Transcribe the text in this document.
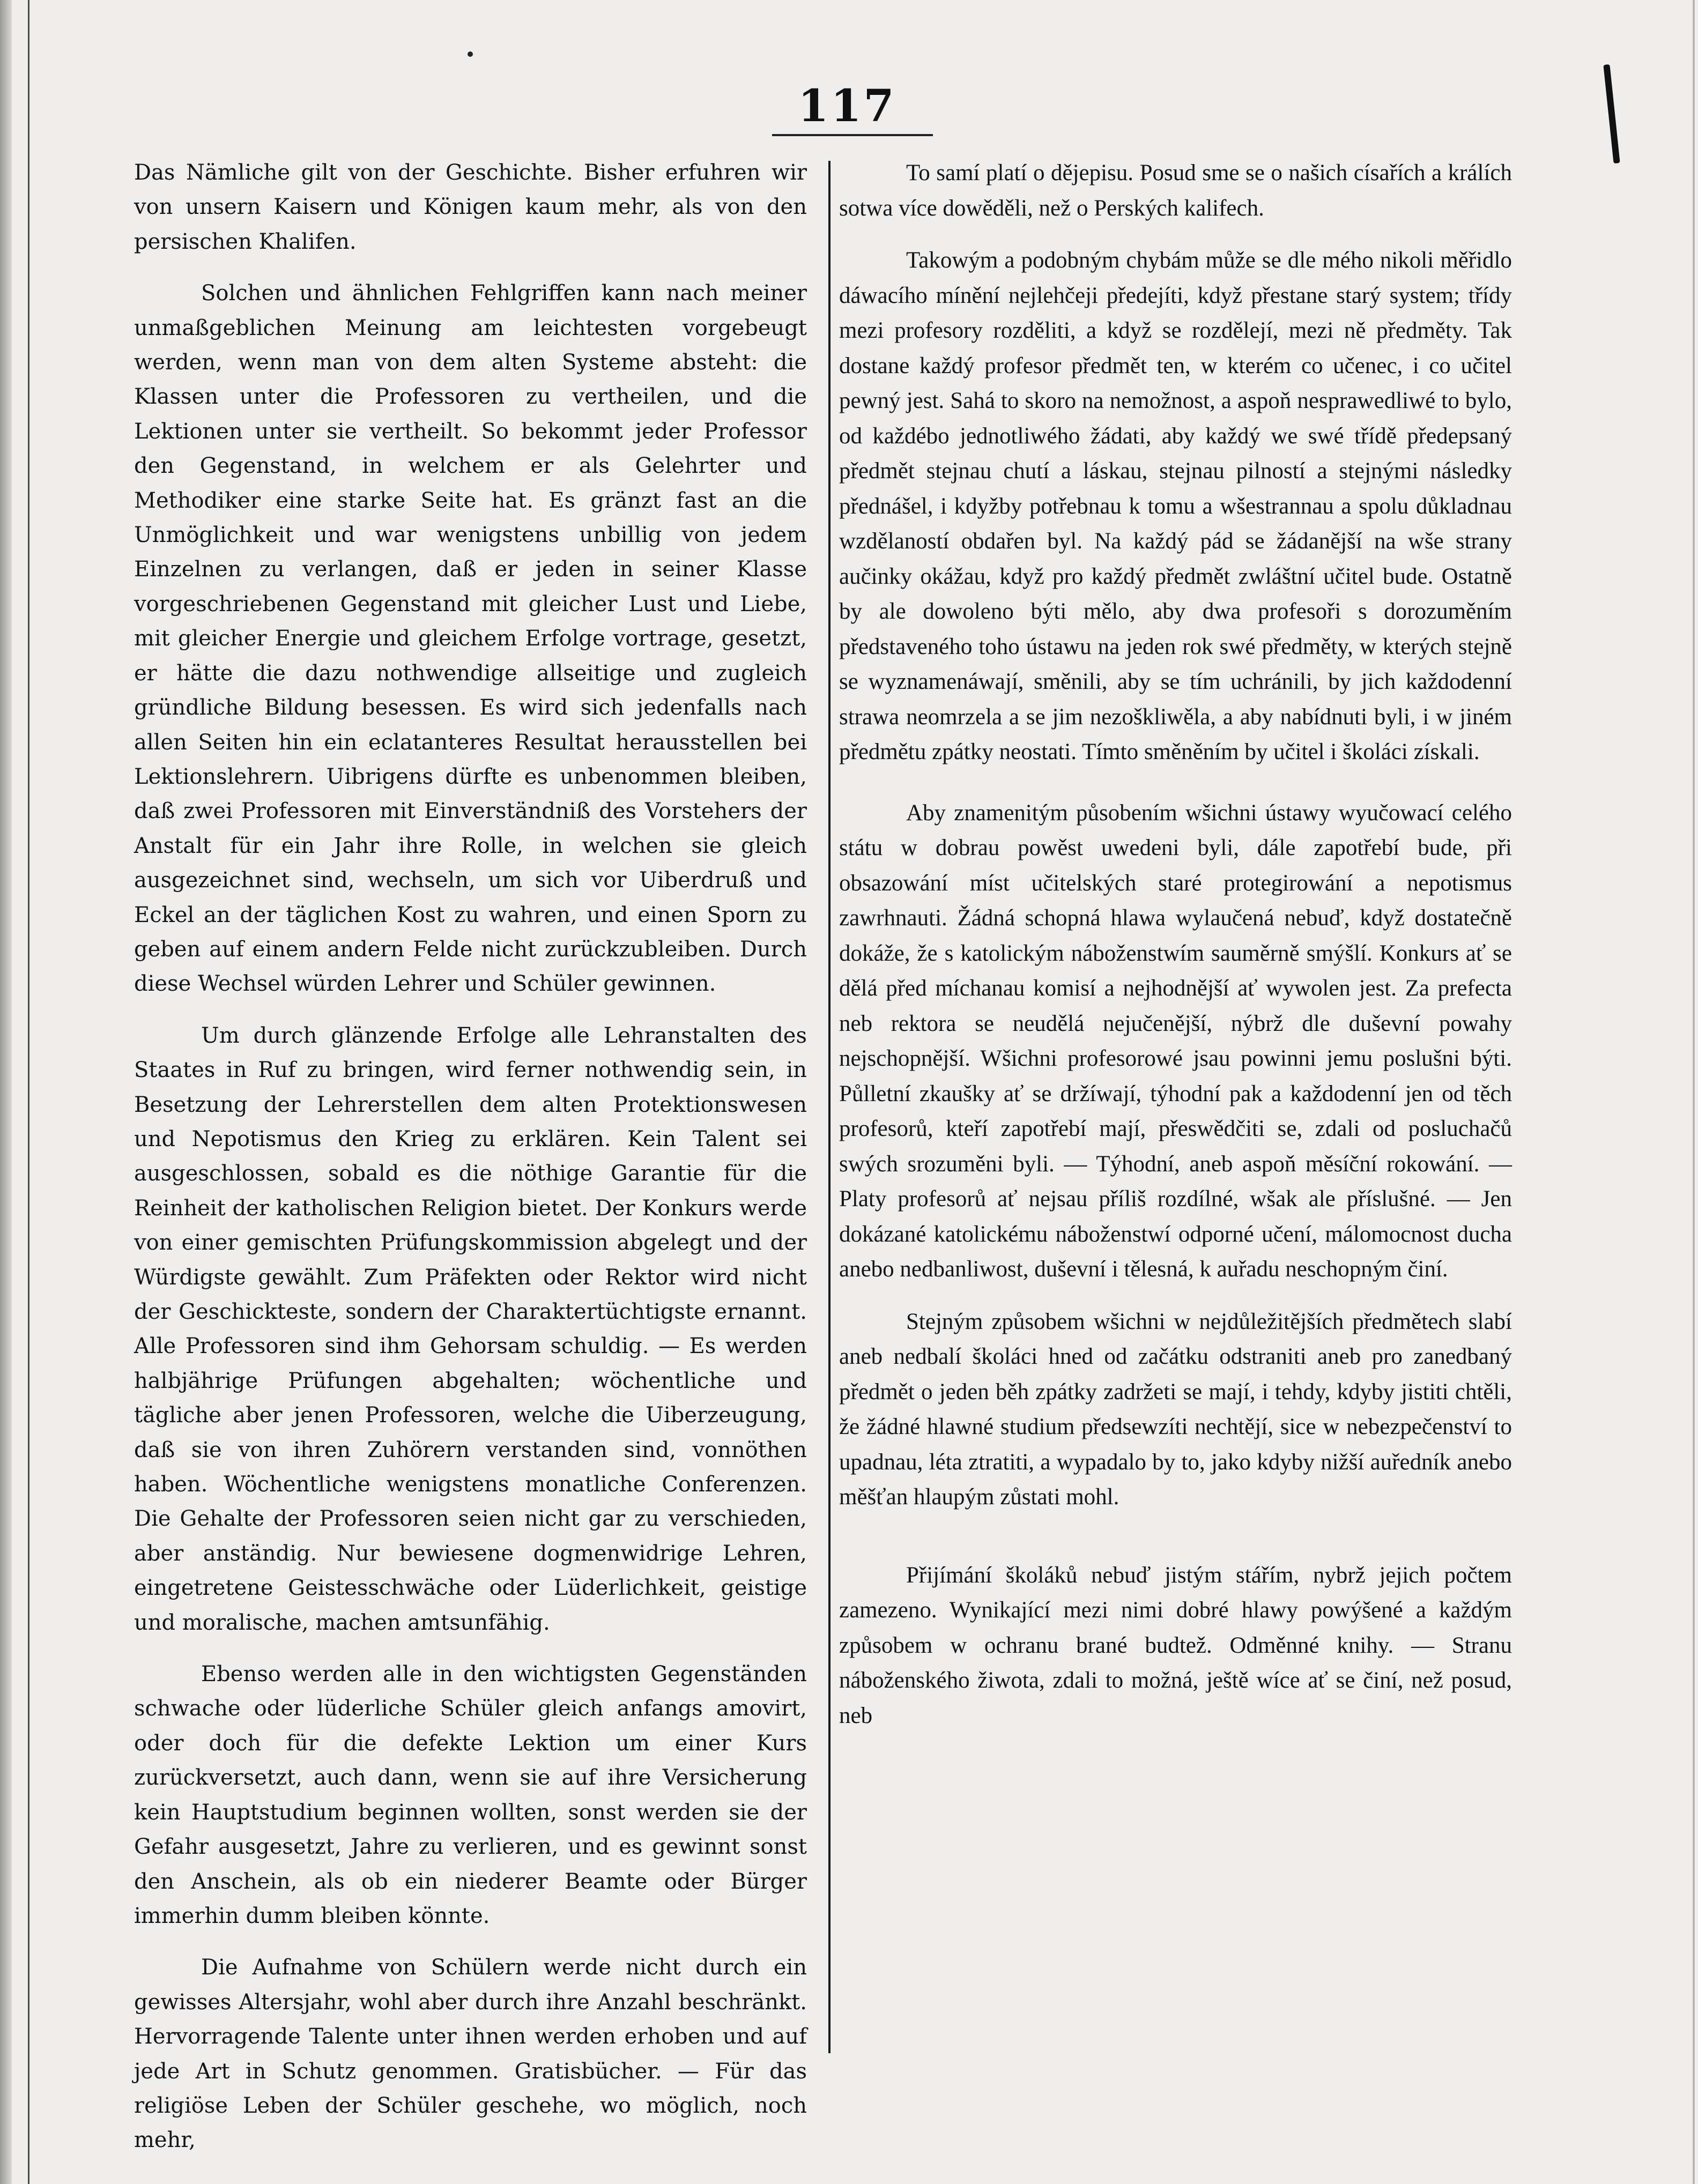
117

Das Nämliche gilt von der Geschichte. Bisher erfuhren wir von unsern Kaisern und Königen kaum mehr, als von den persischen Khalifen.

Solchen und ähnlichen Fehlgriffen kann nach meiner unmaßgeblichen Meinung am leichtesten vorgebeugt werden, wenn man von dem alten Systeme absteht: die Klassen unter die Professoren zu vertheilen, und die Lektionen unter sie vertheilt. So bekommt jeder Professor den Gegenstand, in welchem er als Gelehrter und Methodiker eine starke Seite hat. Es gränzt fast an die Unmöglichkeit und war wenigstens unbillig von jedem Einzelnen zu verlangen, daß er jeden in seiner Klasse vorgeschriebenen Gegenstand mit gleicher Lust und Liebe, mit gleicher Energie und gleichem Erfolge vortrage, gesetzt, er hätte die dazu nothwendige allseitige und zugleich gründliche Bildung besessen. Es wird sich jedenfalls nach allen Seiten hin ein eclatanteres Resultat herausstellen bei Lektionslehrern. Uibrigens dürfte es unbenommen bleiben, daß zwei Professoren mit Einverständniß des Vorstehers der Anstalt für ein Jahr ihre Rolle, in welchen sie gleich ausgezeichnet sind, wechseln, um sich vor Uiberdruß und Eckel an der täglichen Kost zu wahren, und einen Sporn zu geben auf einem andern Felde nicht zurückzubleiben. Durch diese Wechsel würden Lehrer und Schüler gewinnen.

Um durch glänzende Erfolge alle Lehranstalten des Staates in Ruf zu bringen, wird ferner nothwendig sein, in Besetzung der Lehrerstellen dem alten Protektionswesen und Nepotismus den Krieg zu erklären. Kein Talent sei ausgeschlossen, sobald es die nöthige Garantie für die Reinheit der katholischen Religion bietet. Der Konkurs werde von einer gemischten Prüfungskommission abgelegt und der Würdigste gewählt. Zum Präfekten oder Rektor wird nicht der Geschickteste, sondern der Charaktertüchtigste ernannt. Alle Professoren sind ihm Gehorsam schuldig. — Es werden halbjährige Prüfungen abgehalten; wöchentliche und tägliche aber jenen Professoren, welche die Uiberzeugung, daß sie von ihren Zuhörern verstanden sind, vonnöthen haben. Wöchentliche wenigstens monatliche Conferenzen. Die Gehalte der Professoren seien nicht gar zu verschieden, aber anständig. Nur bewiesene dogmenwidrige Lehren, eingetretene Geistesschwäche oder Lüderlichkeit, geistige und moralische, machen amtsunfähig.

Ebenso werden alle in den wichtigsten Gegenständen schwache oder lüderliche Schüler gleich anfangs amovirt, oder doch für die defekte Lektion um einer Kurs zurückversetzt, auch dann, wenn sie auf ihre Versicherung kein Hauptstudium beginnen wollten, sonst werden sie der Gefahr ausgesetzt, Jahre zu verlieren, und es gewinnt sonst den Anschein, als ob ein niederer Beamte oder Bürger immerhin dumm bleiben könnte.

Die Aufnahme von Schülern werde nicht durch ein gewisses Altersjahr, wohl aber durch ihre Anzahl beschränkt. Hervorragende Talente unter ihnen werden erhoben und auf jede Art in Schutz genommen. Gratisbücher. — Für das religiöse Leben der Schüler geschehe, wo möglich, noch mehr,

To samí platí o dějepisu. Posud sme se o našich císařích a králích sotwa více dowěděli, než o Perských kalifech.

Takowým a podobným chybám může se dle mého nikoli měřidlo dáwacího mínění nejlehčeji předejíti, když přestane starý system; třídy mezi profesory rozděliti, a když se rozdělejí, mezi ně předměty. Tak dostane každý profesor předmět ten, w kterém co učenec, i co učitel pewný jest. Sahá to skoro na nemožnost, a aspoň nesprawedliwé to bylo, od každébo jednotliwého žádati, aby každý we swé třídě předepsaný předmět stejnau chutí a láskau, stejnau pilností a stejnými následky přednášel, i kdyžby potřebnau k tomu a wšestrannau a spolu důkladnau wzdělaností obdařen byl. Na každý pád se žádanější na wše strany aučinky okážau, když pro každý předmět zwláštní učitel bude. Ostatně by ale dowoleno býti mělo, aby dwa profesoři s dorozuměním představeného toho ústawu na jeden rok swé předměty, w kterých stejně se wyznamenáwají, směnili, aby se tím uchránili, by jich každodenní strawa neomrzela a se jim nezoškliwěla, a aby nabídnuti byli, i w jiném předmětu zpátky neostati. Tímto směněním by učitel i školáci získali.

Aby znamenitým působením wšichni ústawy wyučowací celého státu w dobrau powěst uwedeni byli, dále zapotřebí bude, při obsazowání míst učitelských staré protegirowání a nepotismus zawrhnauti. Žádná schopná hlawa wylaučená nebuď, když dostatečně dokáže, že s katolickým náboženstwím sauměrně smýšlí. Konkurs ať se dělá před míchanau komisí a nejhodnější ať wywolen jest. Za prefecta neb rektora se neudělá nejučenější, nýbrž dle duševní powahy nejschopnější. Wšichni profesorowé jsau powinni jemu poslušni býti. Půlletní zkaušky ať se držíwají, týhodní pak a každodenní jen od těch profesorů, kteří zapotřebí mají, přeswědčiti se, zdali od posluchačů swých srozuměni byli. — Týhodní, aneb aspoň měsíční rokowání. — Platy profesorů ať nejsau příliš rozdílné, wšak ale příslušné. — Jen dokázané katolickému náboženstwí odporné učení, málomocnost ducha anebo nedbanliwost, duševní i tělesná, k auřadu neschopným činí.

Stejným způsobem wšichni w nejdůležitějších předmětech slabí aneb nedbalí školáci hned od začátku odstraniti aneb pro zanedbaný předmět o jeden běh zpátky zadržeti se mají, i tehdy, kdyby jistiti chtěli, že žádné hlawné studium předsewzíti nechtějí, sice w nebezpečenství to upadnau, léta ztratiti, a wypadalo by to, jako kdyby nižší auředník anebo měšťan hlaupým zůstati mohl.

Přijímání školáků nebuď jistým stářím, nybrž jejich počtem zamezeno. Wynikající mezi nimi dobré hlawy powýšené a každým způsobem w ochranu brané budtež. Odměnné knihy. — Stranu náboženského žiwota, zdali to možná, ještě wíce ať se činí, než posud, neb
